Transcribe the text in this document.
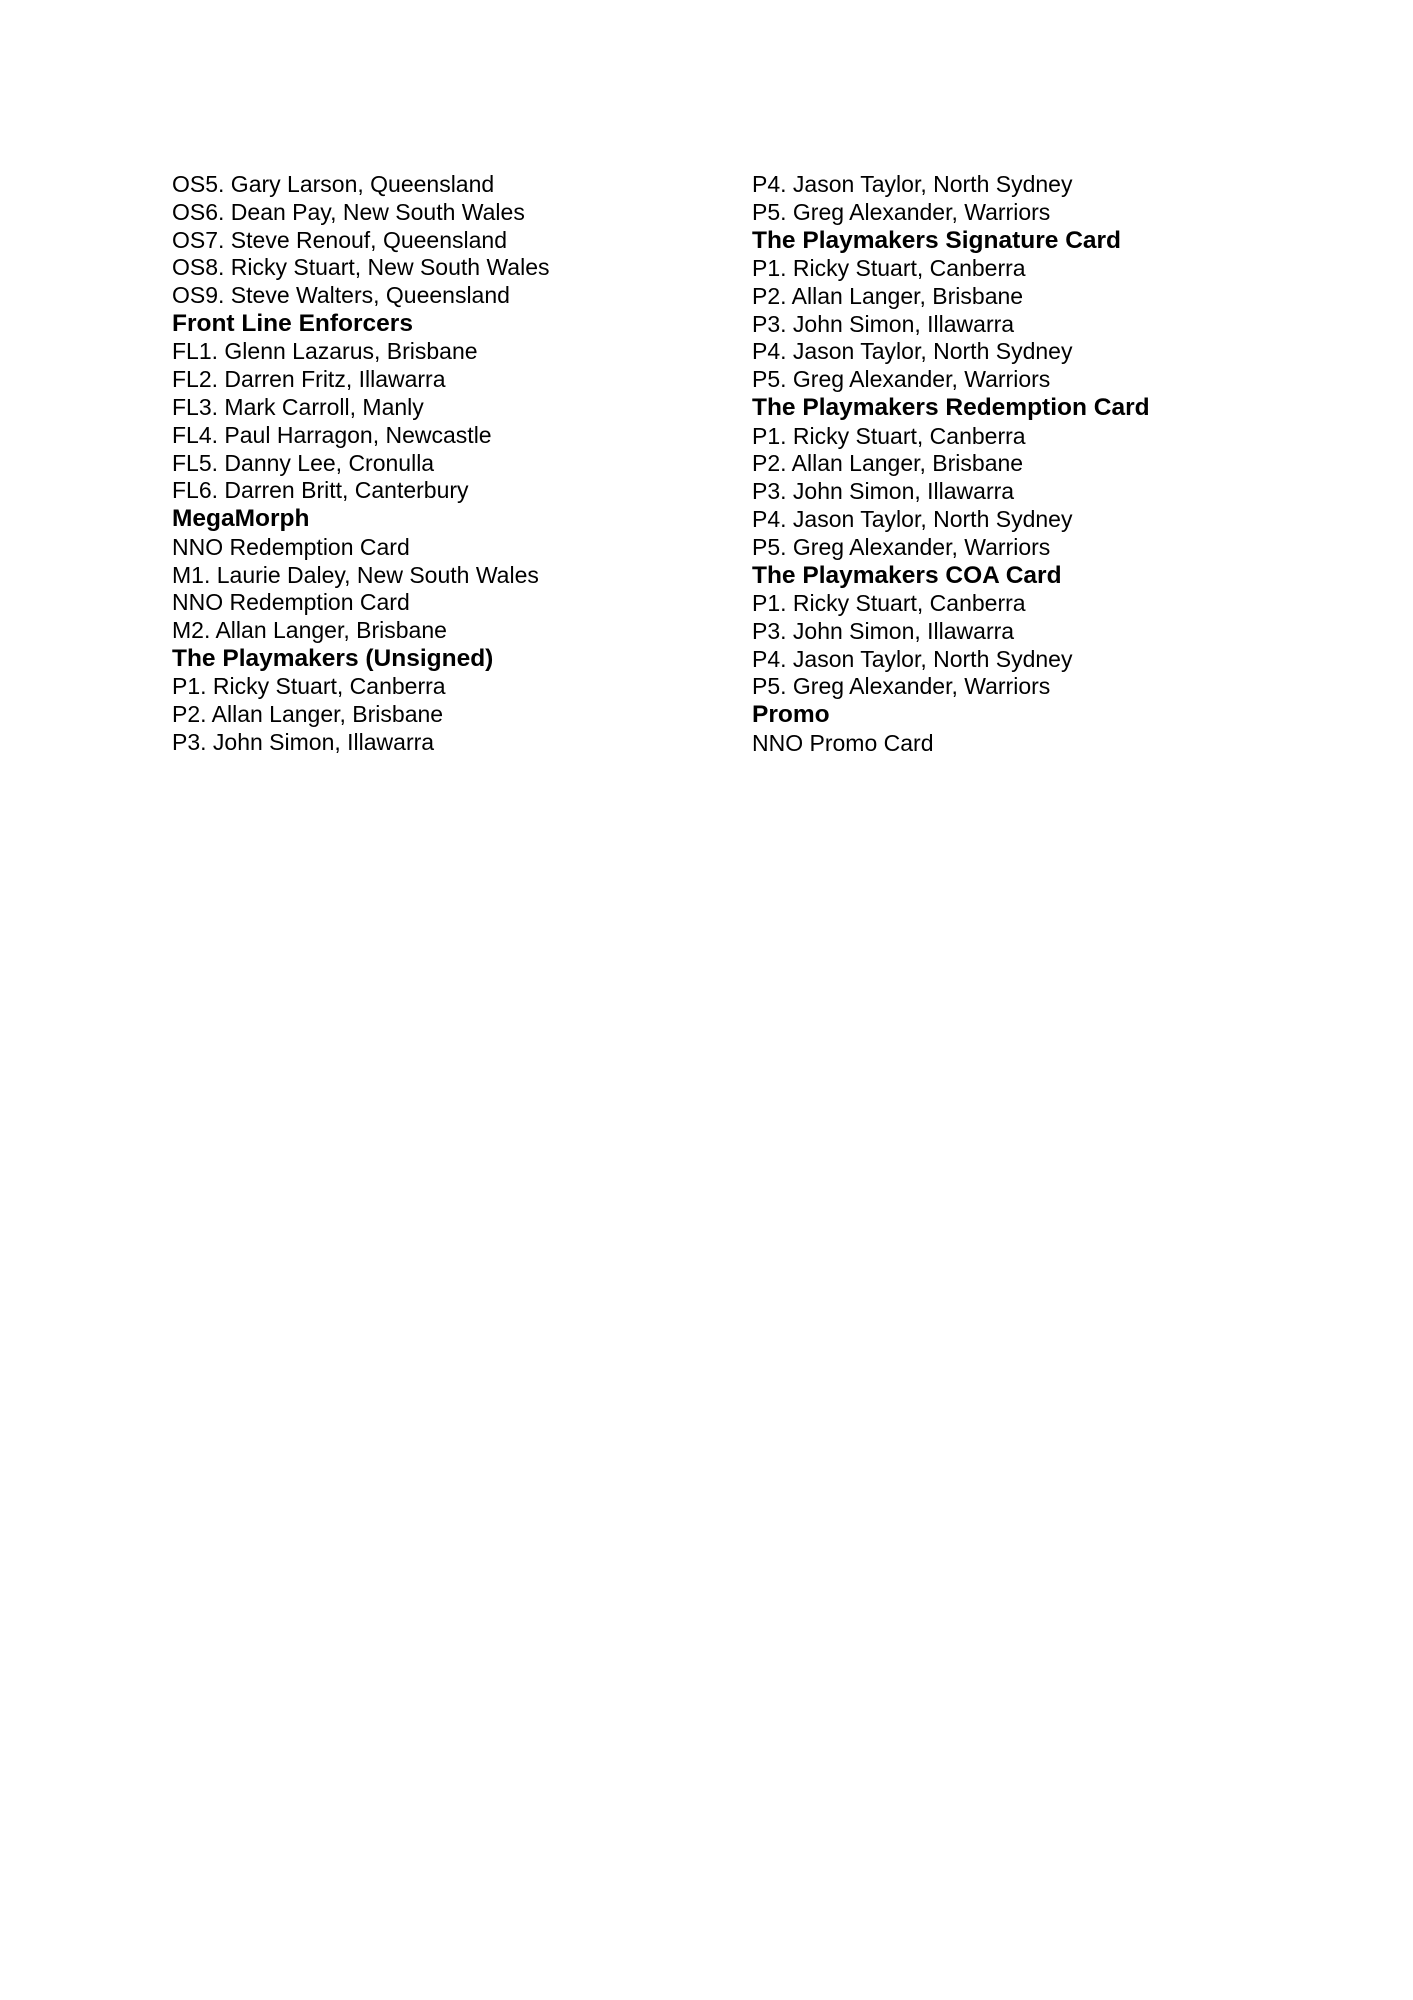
OS5. Gary Larson, Queensland
OS6. Dean Pay, New South Wales
OS7. Steve Renouf, Queensland
OS8. Ricky Stuart, New South Wales
OS9. Steve Walters, Queensland
Front Line Enforcers
FL1. Glenn Lazarus, Brisbane
FL2. Darren Fritz, Illawarra
FL3. Mark Carroll, Manly
FL4. Paul Harragon, Newcastle
FL5. Danny Lee, Cronulla
FL6. Darren Britt, Canterbury
MegaMorph
NNO Redemption Card
M1. Laurie Daley, New South Wales
NNO Redemption Card
M2. Allan Langer, Brisbane
The Playmakers (Unsigned)
P1. Ricky Stuart, Canberra
P2. Allan Langer, Brisbane
P3. John Simon, Illawarra
P4. Jason Taylor, North Sydney
P5. Greg Alexander, Warriors
The Playmakers Signature Card
P1. Ricky Stuart, Canberra
P2. Allan Langer, Brisbane
P3. John Simon, Illawarra
P4. Jason Taylor, North Sydney
P5. Greg Alexander, Warriors
The Playmakers Redemption Card
P1. Ricky Stuart, Canberra
P2. Allan Langer, Brisbane
P3. John Simon, Illawarra
P4. Jason Taylor, North Sydney
P5. Greg Alexander, Warriors
The Playmakers COA Card
P1. Ricky Stuart, Canberra
P3. John Simon, Illawarra
P4. Jason Taylor, North Sydney
P5. Greg Alexander, Warriors
Promo
NNO Promo Card
